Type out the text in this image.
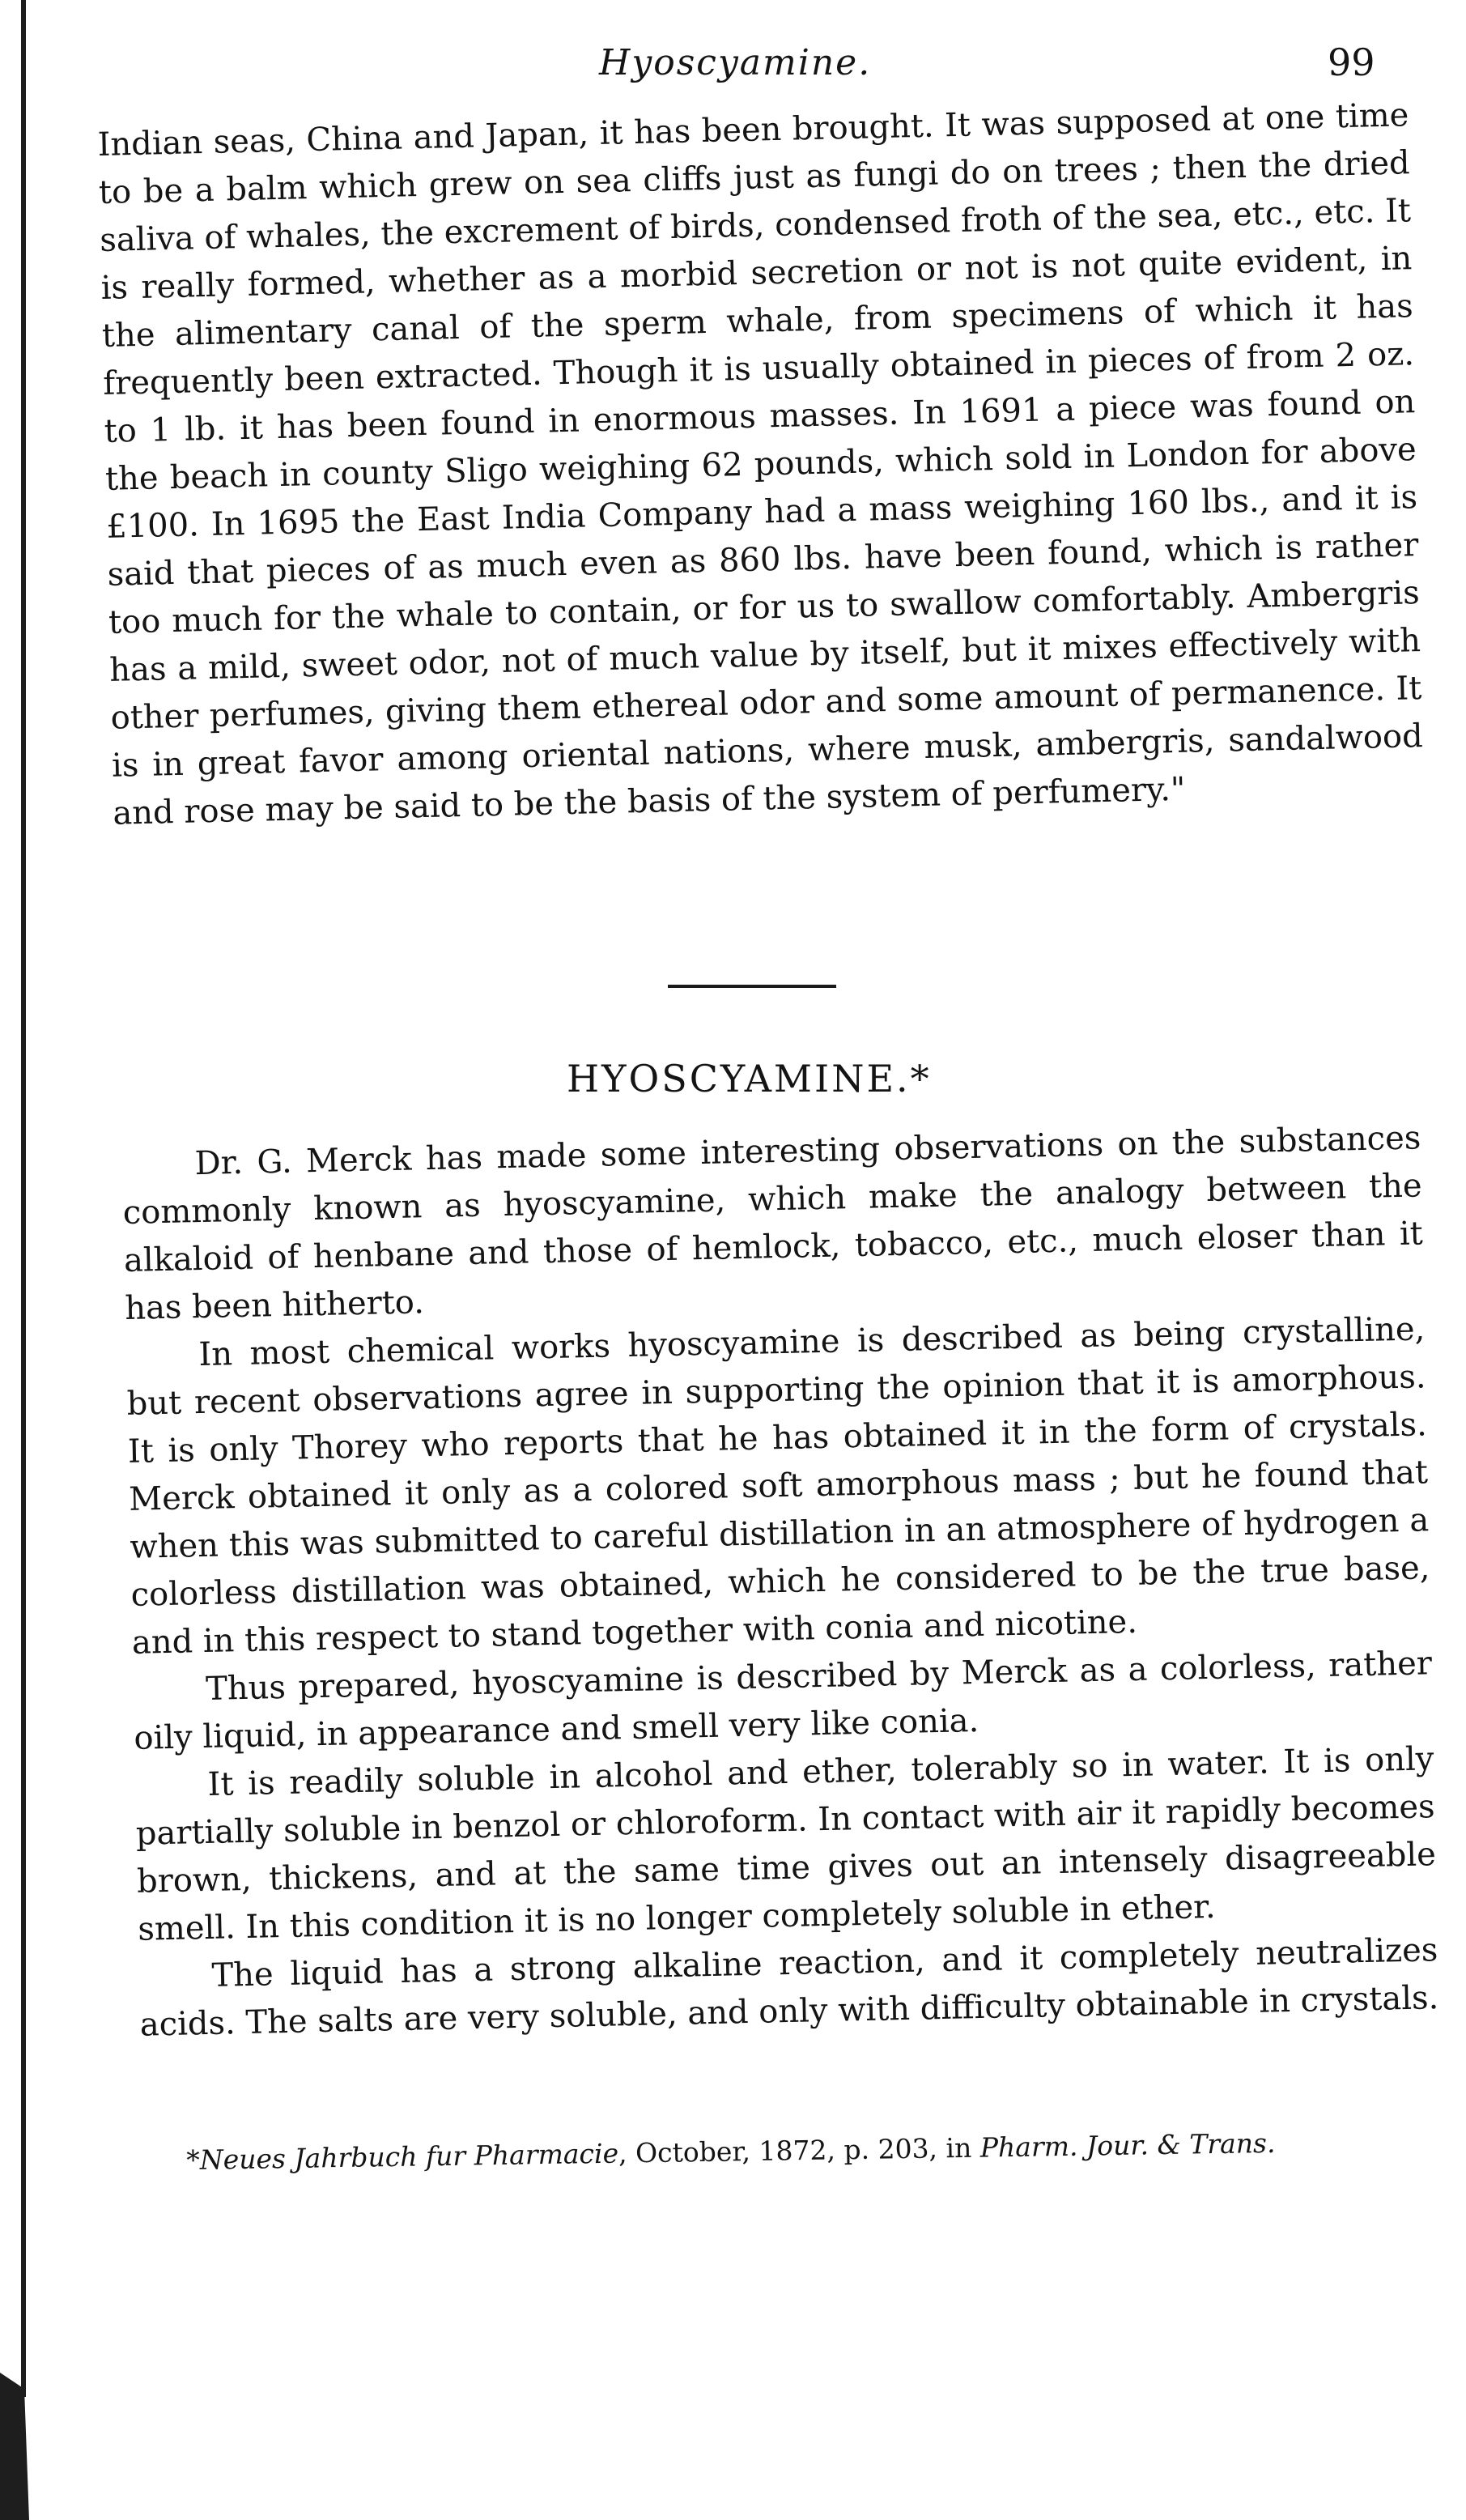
Hyoscyamine.	99

Indian seas, China and Japan, it has been brought. It was supposed at one time to be a balm which grew on sea cliffs just as fungi do on trees ; then the dried saliva of whales, the excrement of birds, condensed froth of the sea, etc., etc. It is really formed, whether as a morbid secretion or not is not quite evident, in the alimentary canal of the sperm whale, from specimens of which it has frequently been extracted. Though it is usually obtained in pieces of from 2 oz. to 1 lb. it has been found in enormous masses. In 1691 a piece was found on the beach in county Sligo weighing 62 pounds, which sold in London for above £100. In 1695 the East India Company had a mass weighing 160 lbs., and it is said that pieces of as much even as 860 lbs. have been found, which is rather too much for the whale to contain, or for us to swallow comfortably. Ambergris has a mild, sweet odor, not of much value by itself, but it mixes effectively with other perfumes, giving them ethereal odor and some amount of permanence. It is in great favor among oriental nations, where musk, ambergris, sandalwood and rose may be said to be the basis of the system of perfumery."

HYOSCYAMINE.*

Dr. G. Merck has made some interesting observations on the substances commonly known as hyoscyamine, which make the analogy between the alkaloid of henbane and those of hemlock, tobacco, etc., much eloser than it has been hitherto.

In most chemical works hyoscyamine is described as being crystalline, but recent observations agree in supporting the opinion that it is amorphous. It is only Thorey who reports that he has obtained it in the form of crystals. Merck obtained it only as a colored soft amorphous mass ; but he found that when this was submitted to careful distillation in an atmosphere of hydrogen a colorless distillation was obtained, which he considered to be the true base, and in this respect to stand together with conia and nicotine.

Thus prepared, hyoscyamine is described by Merck as a colorless, rather oily liquid, in appearance and smell very like conia.

It is readily soluble in alcohol and ether, tolerably so in water. It is only partially soluble in benzol or chloroform. In contact with air it rapidly becomes brown, thickens, and at the same time gives out an intensely disagreeable smell. In this condition it is no longer completely soluble in ether.

The liquid has a strong alkaline reaction, and it completely neutralizes acids. The salts are very soluble, and only with difficulty obtainable in crystals.

*Neues Jahrbuch fur Pharmacie, October, 1872, p. 203, in Pharm. Jour. & Trans.
